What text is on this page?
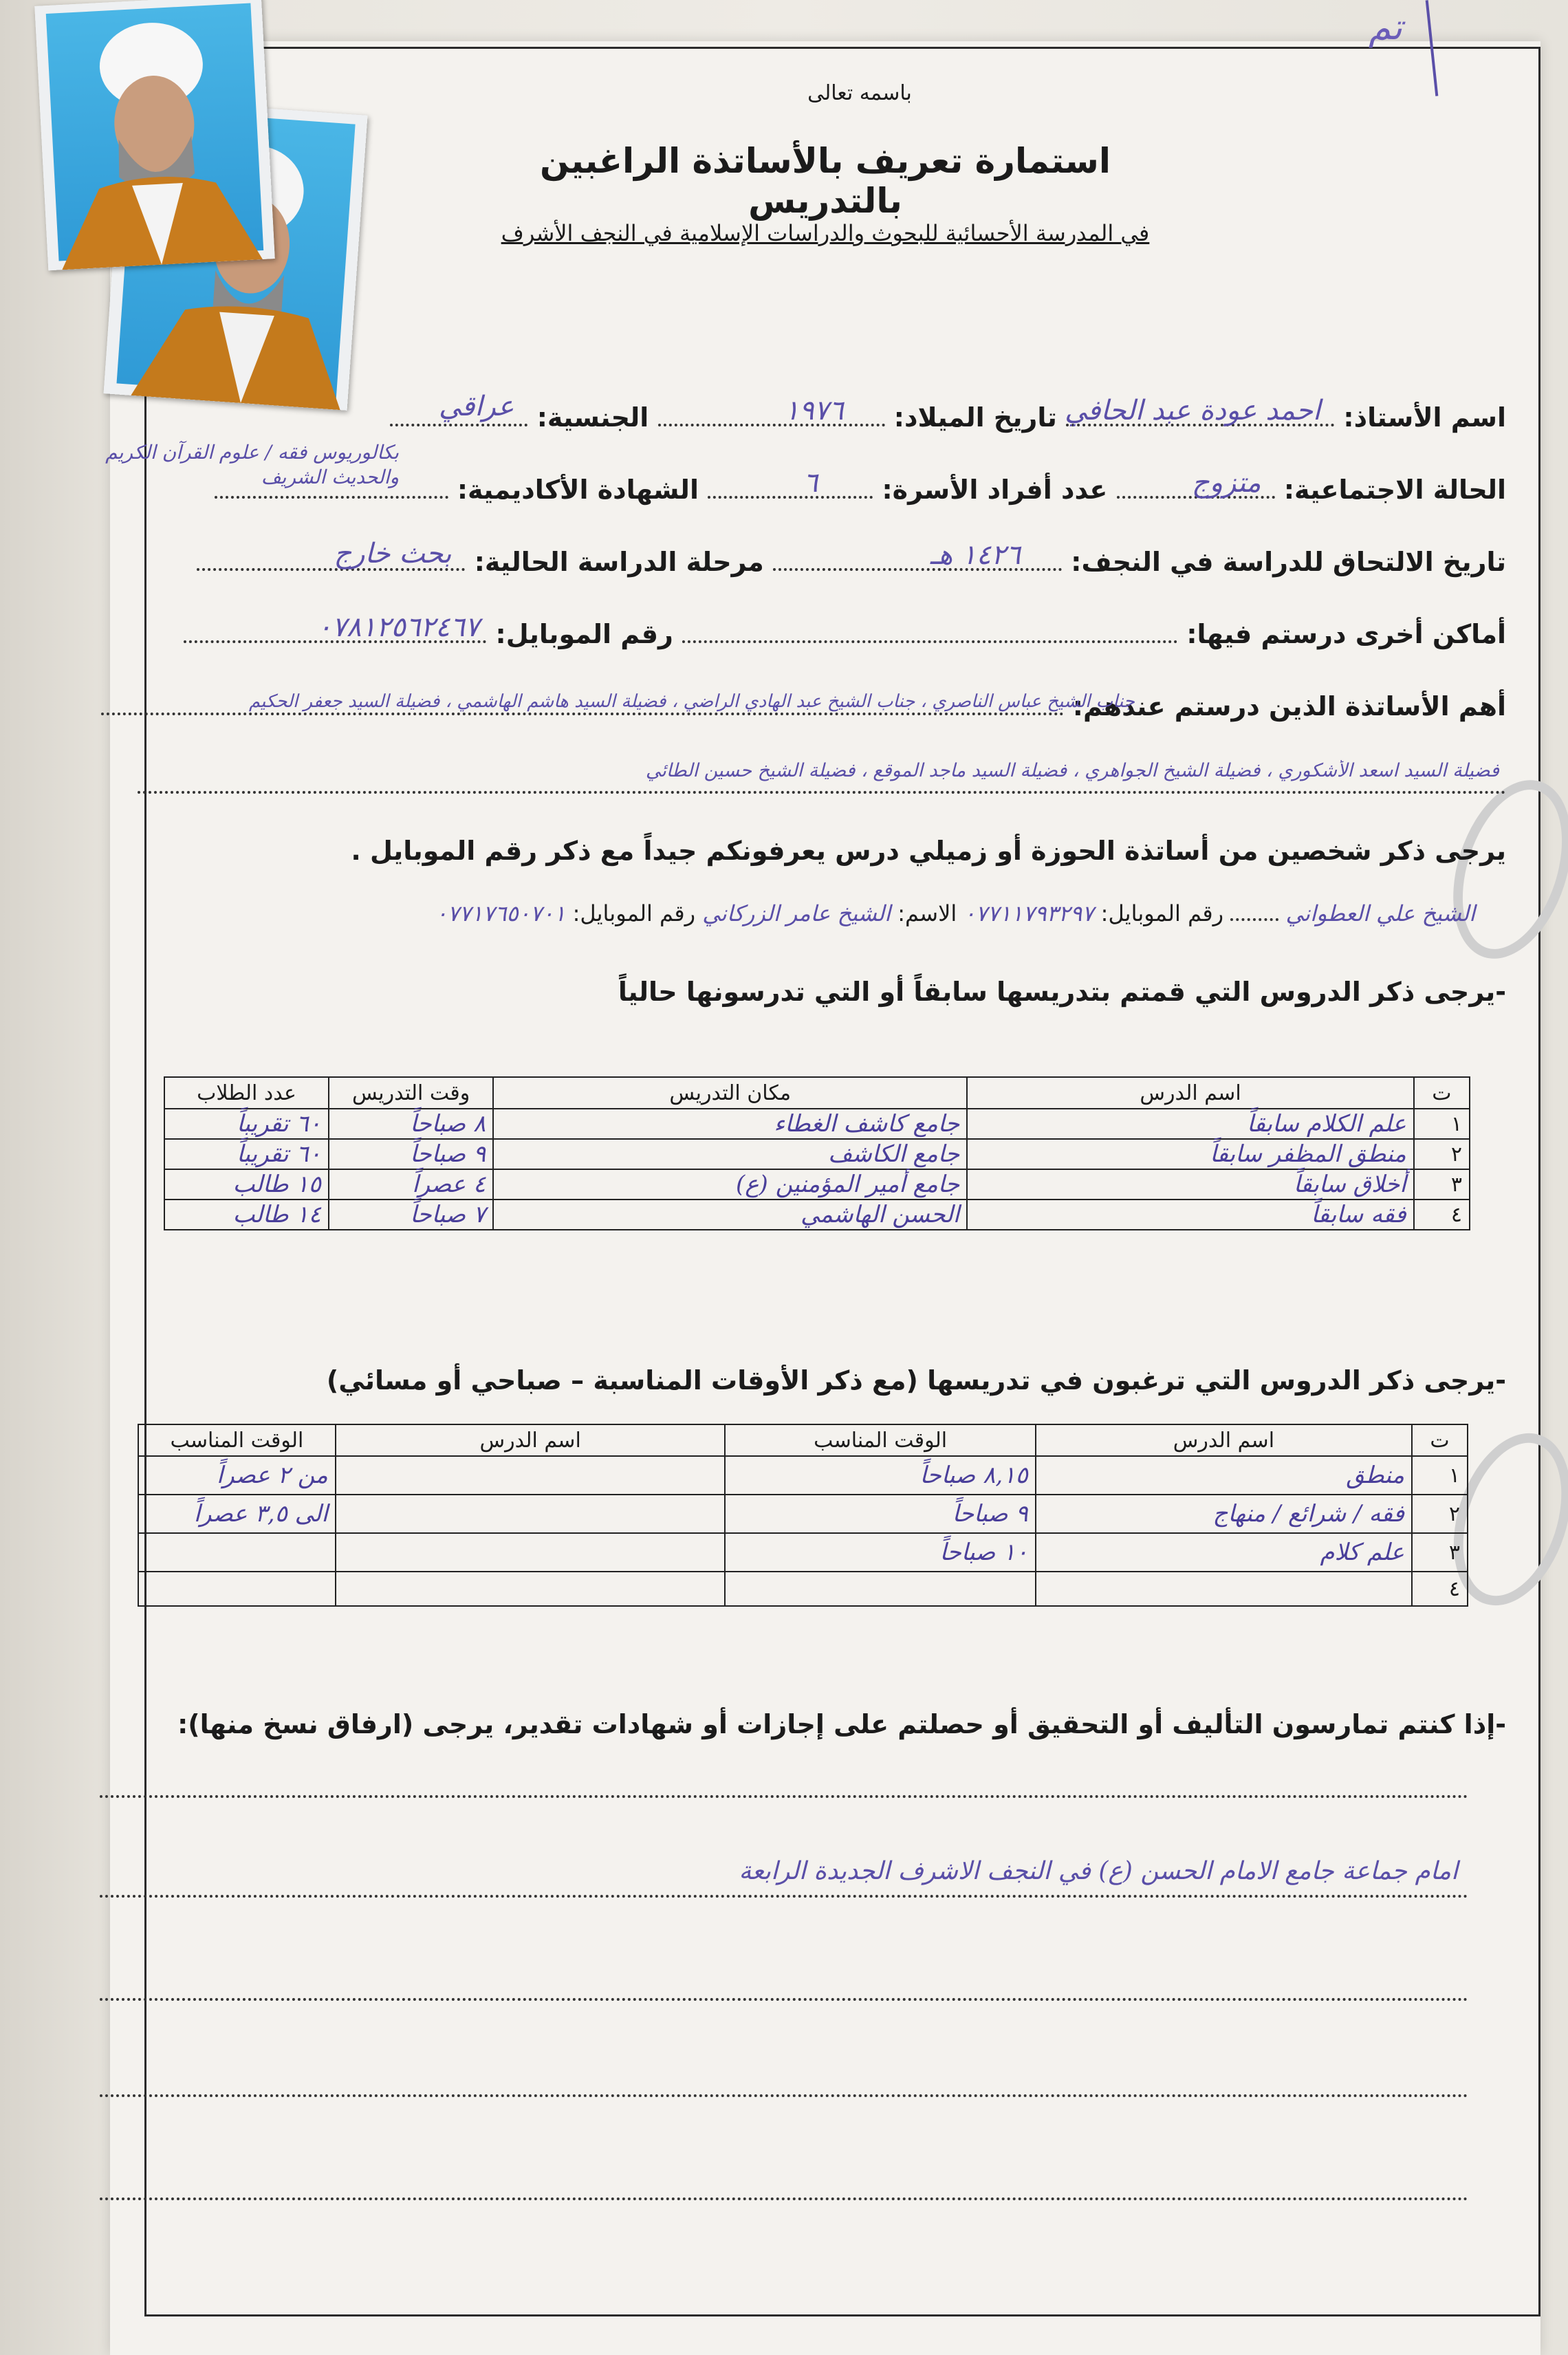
تم
باسمه تعالى
استمارة تعريف بالأساتذة الراغبين بالتدريس
في المدرسة الأحسائية للبحوث والدراسات الإسلامية في النجف الأشرف
اسم الأستاذ:
احمد عودة عبد الحافي
تاريخ الميلاد:
١٩٧٦
الجنسية:
عراقي
الحالة الاجتماعية:
متزوج
عدد أفراد الأسرة:
٦
الشهادة الأكاديمية:
بكالوريوس فقه / علوم القرآن الكريم والحديث الشريف
تاريخ الالتحاق للدراسة في النجف:
١٤٢٦ هـ
مرحلة الدراسة الحالية:
بحث خارج
أماكن أخرى درستم فيها:  رقم الموبايل:
٠٧٨١٢٥٦٢٤٦٧
أهم الأساتذة الذين درستم عندهم:
جناب الشيخ عباس الناصري ، جناب الشيخ عبد الهادي الراضي ، فضيلة السيد هاشم الهاشمي ، فضيلة السيد جعفر الحكيم
فضيلة السيد اسعد الأشكوري ، فضيلة الشيخ الجواهري ، فضيلة السيد ماجد الموقع ، فضيلة الشيخ حسين الطائي
يرجى ذكر شخصين من أساتذة الحوزة أو زميلي درس يعرفونكم جيداً مع ذكر رقم الموبايل .
الشيخ علي العطواني  رقم الموبايل: ٠٧٧١١٧٩٣٢٩٧ الاسم: الشيخ عامر الزركاني رقم الموبايل: ٠٧٧١٧٦٥٠٧٠١
-يرجى ذكر الدروس التي قمتم بتدريسها سابقاً أو التي تدرسونها حالياً
ت	اسم الدرس	مكان التدريس	وقت التدريس	عدد الطلاب
١	علم الكلام سابقاً	جامع كاشف الغطاء	٨ صباحاً	٦٠ تقريباً
٢	منطق المظفر سابقاً	جامع الكاشف	٩ صباحاً	٦٠ تقريباً
٣	أخلاق سابقاً	جامع أمير المؤمنين (ع)	٤ عصراً	١٥ طالب
٤	فقه سابقاً	الحسن الهاشمي	٧ صباحاً	١٤ طالب
-يرجى ذكر الدروس التي ترغبون في تدريسها (مع ذكر الأوقات المناسبة – صباحي أو مسائي)
ت	اسم الدرس	الوقت المناسب	اسم الدرس	الوقت المناسب
١	منطق	٨,١٥ صباحاً		من ٢ عصراً
٢	فقه / شرائع / منهاج	٩ صباحاً		الى ٣,٥ عصراً
٣	علم كلام	١٠ صباحاً		
٤				
-إذا كنتم تمارسون التأليف أو التحقيق أو حصلتم على إجازات أو شهادات تقدير، يرجى (ارفاق نسخ منها):
امام جماعة جامع الامام الحسن (ع) في النجف الاشرف الجديدة الرابعة
